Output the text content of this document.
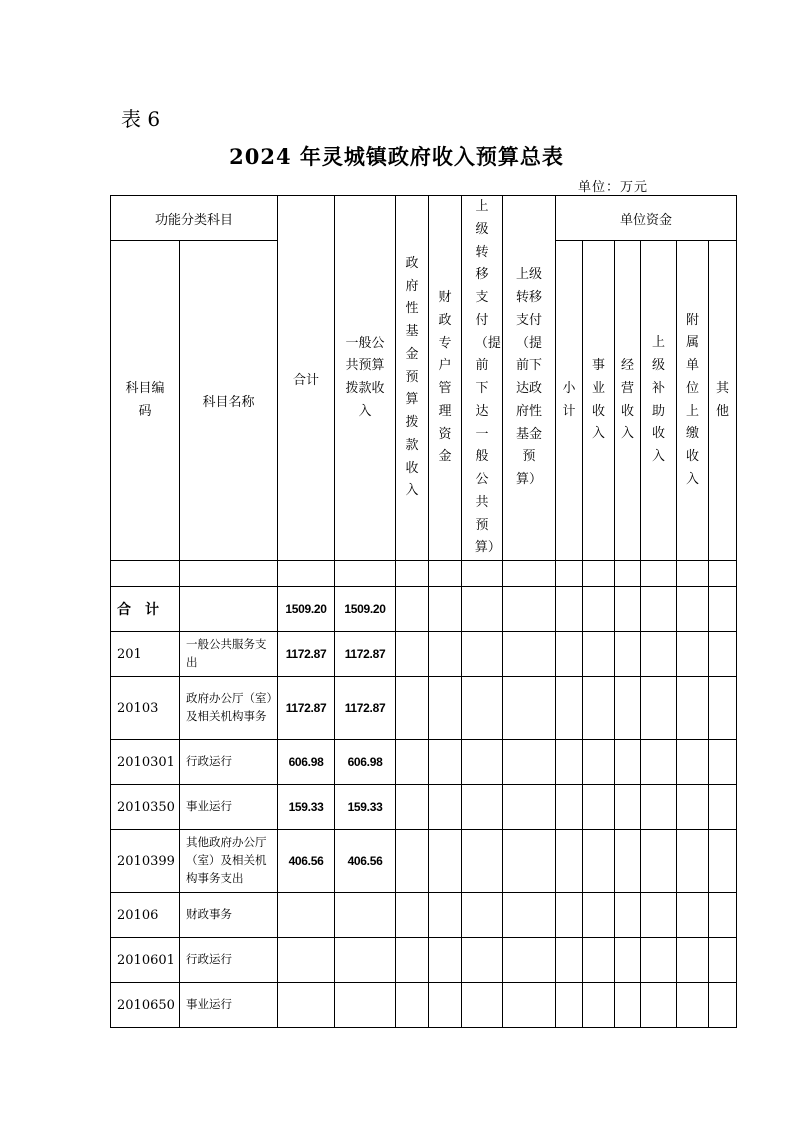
表 6
2024 年灵城镇政府收入预算总表
单位：万元
功能分类科目		合计	一般公共预算拨款收入	政府性基金预算拨款收入	财政专户管理资金	上级转移支付（提前下达一般公共预算）	上级转移支付（提前下达政府性基金预算）	单位资金					
科目编码	科目名称							小计	事业收入	经营收入	上级补助收入	附属单位上缴收入	其他

合计		1509.20	1509.20										
201	一般公共服务支出	1172.87	1172.87										
20103	政府办公厅（室）及相关机构事务	1172.87	1172.87										
2010301	行政运行	606.98	606.98										
2010350	事业运行	159.33	159.33										
2010399	其他政府办公厅（室）及相关机构事务支出	406.56	406.56										
20106	财政事务												
2010601	行政运行												
2010650	事业运行												
